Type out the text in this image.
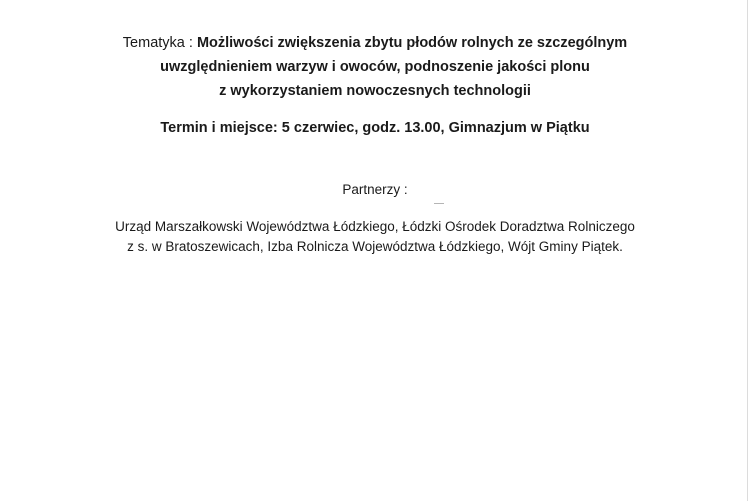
Tematyka : Możliwości zwiększenia zbytu płodów rolnych ze szczególnym
uwzględnieniem warzyw i owoców, podnoszenie jakości plonu
z wykorzystaniem nowoczesnych technologii
Termin i miejsce: 5 czerwiec, godz. 13.00, Gimnazjum w Piątku
Partnerzy :
Urząd Marszałkowski Województwa Łódzkiego, Łódzki Ośrodek Doradztwa Rolniczego
z s. w Bratoszewicach, Izba Rolnicza Województwa Łódzkiego, Wójt Gminy Piątek.
